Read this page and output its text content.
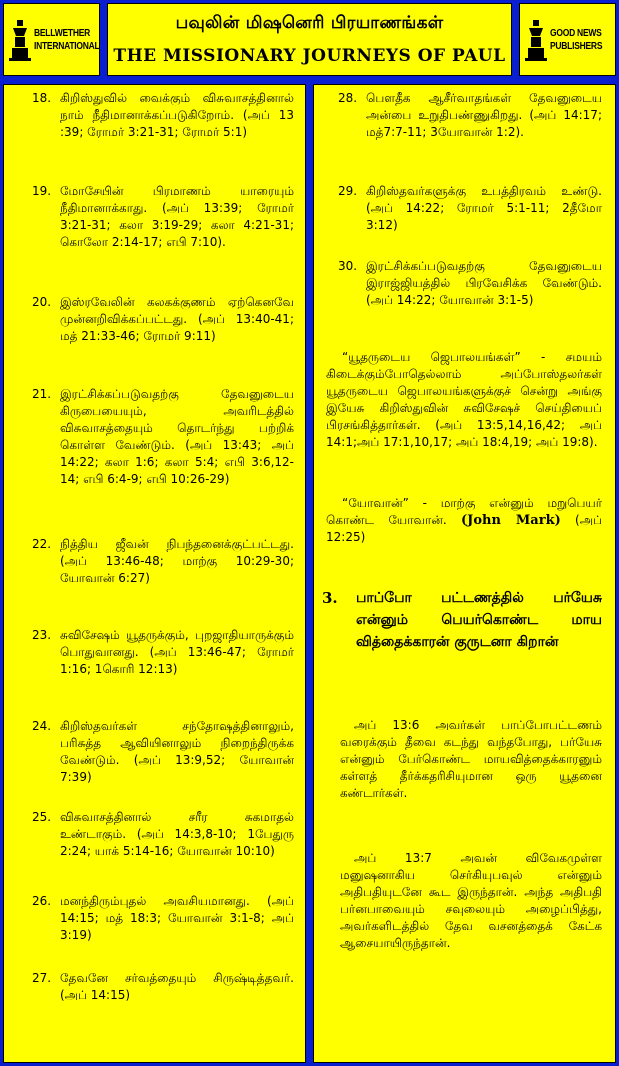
BELLWETHER
INTERNATIONAL
பவுலின் மிஷனெரி பிரயாணங்கள்
THE MISSIONARY JOURNEYS OF PAUL
GOOD NEWS
PUBLISHERS
18. கிறிஸ்துவில் வைக்கும் விசுவாசத்தினால் நாம் நீதிமானாக்கப்படுகிறோம். (அப் 13 :39; ரோமர் 3:21-31; ரோமர் 5:1)
19. மோசேயின் பிரமாணம் யாரையும் நீதிமானாக்காது. (அப் 13:39; ரோமர் 3:21-31; கலா 3:19-29; கலா 4:21-31; கொலோ 2:14-17; எபி 7:10).
20. இஸ்ரவேலின் கலகக்குணம் ஏற்கெனவே முன்னறிவிக்கப்பட்டது. (அப் 13:40-41; மத் 21:33-46; ரோமர் 9:11)
21. இரட்சிக்கப்படுவதற்கு தேவனுடைய கிருபையையும், அவரிடத்தில் விசுவாசத்தையும் தொடர்ந்து பற்றிக் கொள்ள வேண்டும். (அப் 13:43; அப் 14:22; கலா 1:6; கலா 5:4; எபி 3:6,12-14; எபி 6:4-9; எபி 10:26-29)
22. நித்திய ஜீவன் நிபந்தனைக்குட்பட்டது. (அப் 13:46-48; மாற்கு 10:29-30; யோவான் 6:27)
23. சுவிசேஷம் யூதருக்கும், புறஜாதியாருக்கும் பொதுவானது. (அப் 13:46-47; ரோமர் 1:16; 1கொரி 12:13)
24. கிறிஸ்தவர்கள் சந்தோஷத்தினாலும், பரிசுத்த ஆவியினாலும் நிறைந்திருக்க வேண்டும். (அப் 13:9,52; யோவான் 7:39)
25. விசுவாசத்தினால் சரீர சுகமாதல் உண்டாகும். (அப் 14:3,8-10; 1பேதுரு 2:24; யாக் 5:14-16; யோவான் 10:10)
26. மனந்திரும்புதல் அவசியமானது. (அப் 14:15; மத் 18:3; யோவான் 3:1-8; அப் 3:19)
27. தேவனே சர்வத்தையும் சிருஷ்டித்தவர். (அப் 14:15)
28. பௌதீக ஆசீர்வாதங்கள் தேவனுடைய அன்பை உறுதிபண்ணுகிறது. (அப் 14:17; மத்7:7-11; 3யோவான் 1:2).
29. கிறிஸ்தவர்களுக்கு உபத்திரவம் உண்டு. (அப் 14:22; ரோமர் 5:1-11; 2தீமோ 3:12)
30. இரட்சிக்கப்படுவதற்கு தேவனுடைய இராஜ்ஜியத்தில் பிரவேசிக்க வேண்டும். (அப் 14:22; யோவான் 3:1-5)
“யூதருடைய ஜெபாலயங்கள்” - சமயம் கிடைக்கும்போதெல்லாம் அப்போஸ்தலர்கள் யூதருடைய ஜெபாலயங்களுக்குச் சென்று அங்கு இயேசு கிறிஸ்துவின் சுவிசேஷச் செய்தியைப் பிரசங்கித்தார்கள். (அப் 13:5,14,16,42; அப் 14:1;அப் 17:1,10,17; அப் 18:4,19; அப் 19:8).
“யோவான்” - மாற்கு என்னும் மறுபெயர் கொண்ட யோவான். (John Mark) (அப் 12:25)
3.	பாப்போ பட்டணத்தில் பர்யேசு என்னும் பெயர்கொண்ட மாய வித்தைக்காரன் குருடனா கிறான்
அப் 13:6 அவர்கள் பாப்போபட்டணம் வரைக்கும் தீவை கடந்து வந்தபோது, பர்யேசு என்னும் பேர்கொண்ட மாயவித்தைக்காரனும் கள்ளத் தீர்க்கதரிசியுமான ஒரு யூதனை கண்டார்கள்.
அப் 13:7 அவன் விவேகமுள்ள மனுஷனாகிய செர்கியுபவுல் என்னும் அதிபதியுடனே கூட இருந்தான். அந்த அதிபதி பர்னபாவையும் சவுலையும் அழைப்பித்து, அவர்களிடத்தில் தேவ வசனத்தைக் கேட்க ஆசையாயிருந்தான்.
